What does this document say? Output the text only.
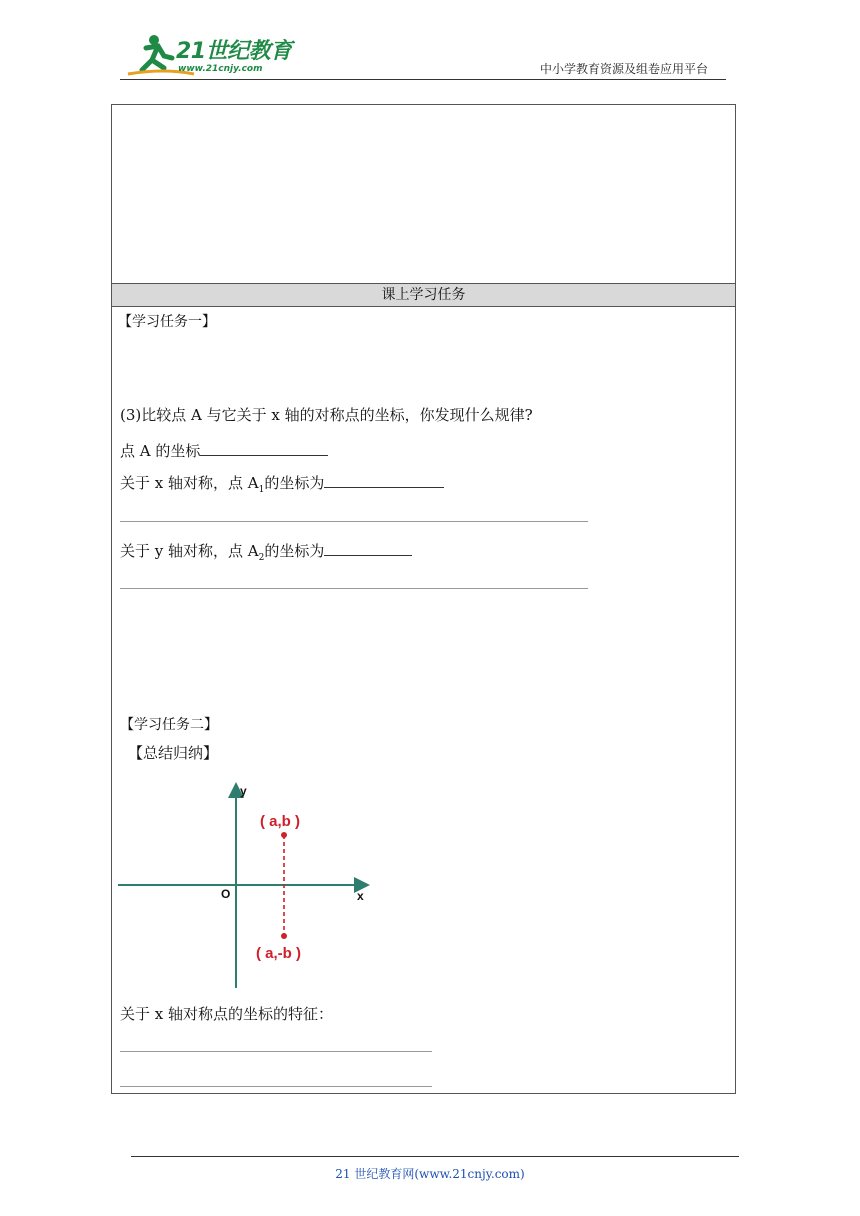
21世纪教育
www.21cnjy.com	中小学教育资源及组卷应用平台
课上学习任务
【学习任务一】
(3)比较点 A 与它关于 x 轴的对称点的坐标，你发现什么规律?
点 A 的坐标
关于 x 轴对称，点 $A_1$的坐标为
关于 y 轴对称，点 $A_2$的坐标为
【学习任务二】
【总结归纳】
y
x
O
( a,b )
( a,-b )
关于 x 轴对称点的坐标的特征：
21 世纪教育网(www.21cnjy.com)
